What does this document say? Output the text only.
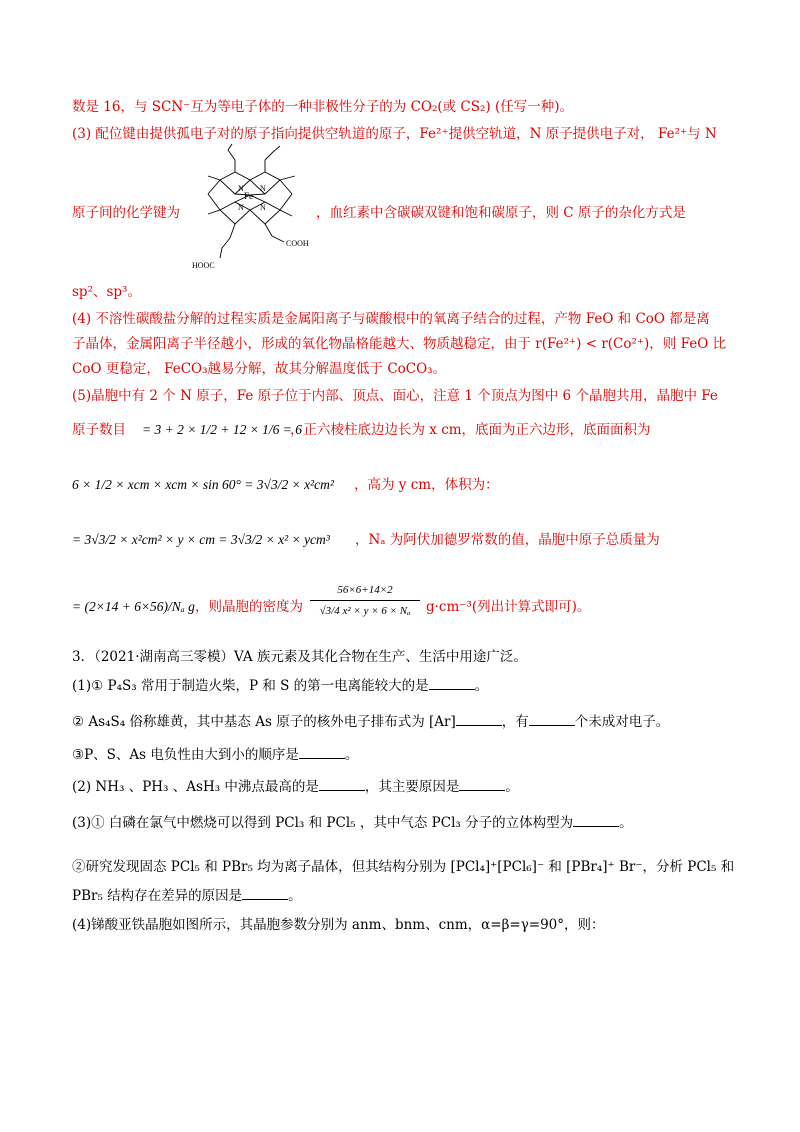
数是 16，与 SCN⁻互为等电子体的一种非极性分子的为 CO₂(或 CS₂) (任写一种)。
(3) 配位键由提供孤电子对的原子指向提供空轨道的原子，Fe²⁺提供空轨道，N 原子提供电子对， Fe²⁺与 N
N N
N N
Fe
COOH
HOOC
原子间的化学键为	，血红素中含碳碳双键和饱和碳原子，则 C 原子的杂化方式是
sp²、sp³。
(4) 不溶性碳酸盐分解的过程实质是金属阳离子与碳酸根中的氧离子结合的过程，产物 FeO 和 CoO 都是离
子晶体，金属阳离子半径越小，形成的氧化物晶格能越大、物质越稳定，由于 r(Fe²⁺) < r(Co²⁺)，则 FeO 比
CoO 更稳定， FeCO₃越易分解，故其分解温度低于 CoCO₃。
(5)晶胞中有 2 个 N 原子，Fe 原子位于内部、顶点、面心，注意 1 个顶点为图中 6 个晶胞共用，晶胞中 Fe
原子数目 = 3 + 2 × 1/2 + 12 × 1/6 = 6
，正六棱柱底边边长为 x cm，底面为正六边形，底面面积为
6 × 1/2 × xcm × xcm × sin 60° = 3√3/2 × x²cm² ，高为 y cm，体积为：
= 3√3/2 × x²cm² × y × cm = 3√3/2 × x² × ycm³ ，Nₐ 为阿伏加德罗常数的值，晶胞中原子总质量为
= (2×14 + 6×56)/Nₐ g ，则晶胞的密度为
56×6+14×2
√3/4 x² × y × 6 × Nₐ	g·cm⁻³(列出计算式即可)。
3．（2021·湖南高三零模）VA 族元素及其化合物在生产、生活中用途广泛。
(1)① P₄S₃ 常用于制造火柴，P 和 S 的第一电离能较大的是	。
② As₄S₄ 俗称雄黄，其中基态 As 原子的核外电子排布式为 [Ar]	，有	个未成对电子。
③P、S、As 电负性由大到小的顺序是	。
(2) NH₃ 、PH₃ 、AsH₃ 中沸点最高的是	，其主要原因是	。
(3)① 白磷在氯气中燃烧可以得到 PCl₃ 和 PCl₅ ，其中气态 PCl₃ 分子的立体构型为	。
②研究发现固态 PCl₅ 和 PBr₅ 均为离子晶体，但其结构分别为 [PCl₄]⁺[PCl₆]⁻ 和 [PBr₄]⁺ Br⁻，分析 PCl₅ 和
PBr₅ 结构存在差异的原因是	。
(4)锑酸亚铁晶胞如图所示，其晶胞参数分别为 anm、bnm、cnm，α=β=γ=90°，则：
